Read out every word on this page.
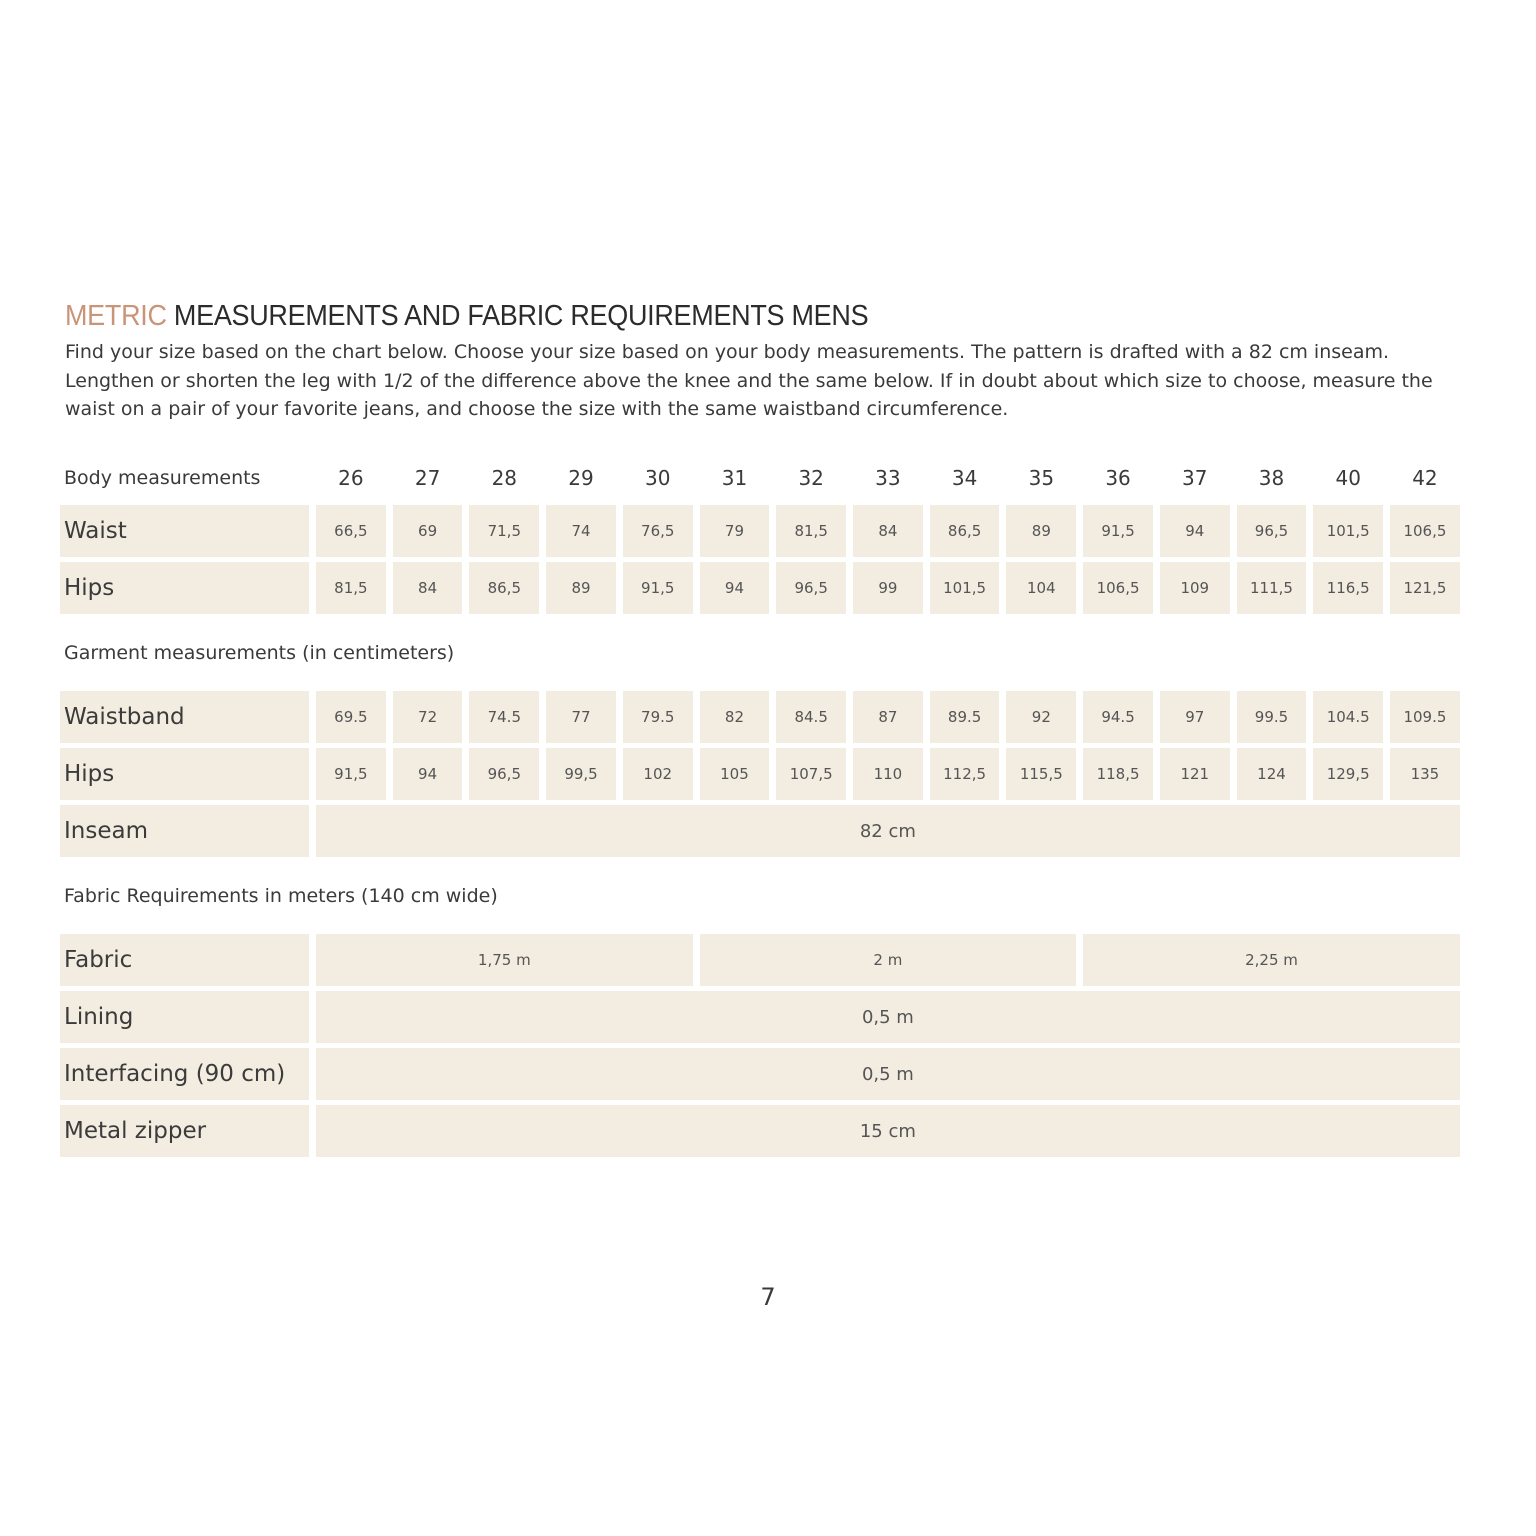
METRIC MEASUREMENTS AND FABRIC REQUIREMENTS MENS

Find your size based on the chart below. Choose your size based on your body measurements. The pattern is drafted with a 82 cm inseam. Lengthen or shorten the leg with 1/2 of the difference above the knee and the same below. If in doubt about which size to choose, measure the waist on a pair of your favorite jeans, and choose the size with the same waistband circumference.

Body measurements	26	27	28	29	30	31	32	33	34	35	36	37	38	40	42
Waist	66,5	69	71,5	74	76,5	79	81,5	84	86,5	89	91,5	94	96,5	101,5	106,5
Hips	81,5	84	86,5	89	91,5	94	96,5	99	101,5	104	106,5	109	111,5	116,5	121,5
Garment measurements (in centimeters)
Waistband	69.5	72	74.5	77	79.5	82	84.5	87	89.5	92	94.5	97	99.5	104.5	109.5
Hips	91,5	94	96,5	99,5	102	105	107,5	110	112,5	115,5	118,5	121	124	129,5	135
Inseam	82 cm
Fabric Requirements in meters (140 cm wide)
Fabric	1,75 m	2 m	2,25 m
Lining	0,5 m
Interfacing (90 cm)	0,5 m
Metal zipper	15 cm
7
